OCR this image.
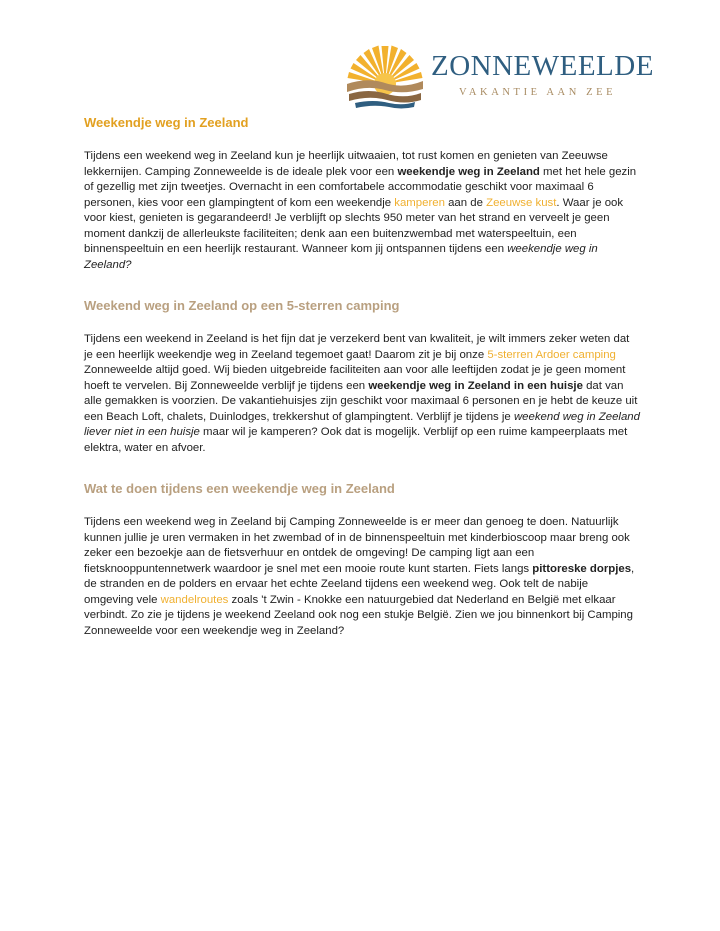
ZONNEWEELDE
VAKANTIE AAN ZEE
Weekendje weg in Zeeland

Tijdens een weekend weg in Zeeland kun je heerlijk uitwaaien, tot rust komen en genieten van Zeeuwse lekkernijen. Camping Zonneweelde is de ideale plek voor een weekendje weg in Zeeland met het hele gezin of gezellig met zijn tweetjes. Overnacht in een comfortabele accommodatie geschikt voor maximaal 6 personen, kies voor een glampingtent of kom een weekendje kamperen aan de Zeeuwse kust. Waar je ook voor kiest, genieten is gegarandeerd! Je verblijft op slechts 950 meter van het strand en verveelt je geen moment dankzij de allerleukste faciliteiten; denk aan een buitenzwembad met waterspeeltuin, een binnenspeeltuin en een heerlijk restaurant. Wanneer kom jij ontspannen tijdens een weekendje weg in Zeeland?

Weekend weg in Zeeland op een 5-sterren camping

Tijdens een weekend in Zeeland is het fijn dat je verzekerd bent van kwaliteit, je wilt immers zeker weten dat je een heerlijk weekendje weg in Zeeland tegemoet gaat! Daarom zit je bij onze 5-sterren Ardoer camping Zonneweelde altijd goed. Wij bieden uitgebreide faciliteiten aan voor alle leeftijden zodat je je geen moment hoeft te vervelen. Bij Zonneweelde verblijf je tijdens een weekendje weg in Zeeland in een huisje dat van alle gemakken is voorzien. De vakantiehuisjes zijn geschikt voor maximaal 6 personen en je hebt de keuze uit een Beach Loft, chalets, Duinlodges, trekkershut of glampingtent. Verblijf je tijdens je weekend weg in Zeeland liever niet in een huisje maar wil je kamperen? Ook dat is mogelijk. Verblijf op een ruime kampeerplaats met elektra, water en afvoer.

Wat te doen tijdens een weekendje weg in Zeeland

Tijdens een weekend weg in Zeeland bij Camping Zonneweelde is er meer dan genoeg te doen. Natuurlijk kunnen jullie je uren vermaken in het zwembad of in de binnenspeeltuin met kinderbioscoop maar breng ook zeker een bezoekje aan de fietsverhuur en ontdek de omgeving! De camping ligt aan een fietsknooppuntennetwerk waardoor je snel met een mooie route kunt starten. Fiets langs pittoreske dorpjes, de stranden en de polders en ervaar het echte Zeeland tijdens een weekend weg. Ook telt de nabije omgeving vele wandelroutes zoals 't Zwin - Knokke een natuurgebied dat Nederland en België met elkaar verbindt. Zo zie je tijdens je weekend Zeeland ook nog een stukje België. Zien we jou binnenkort bij Camping Zonneweelde voor een weekendje weg in Zeeland?
